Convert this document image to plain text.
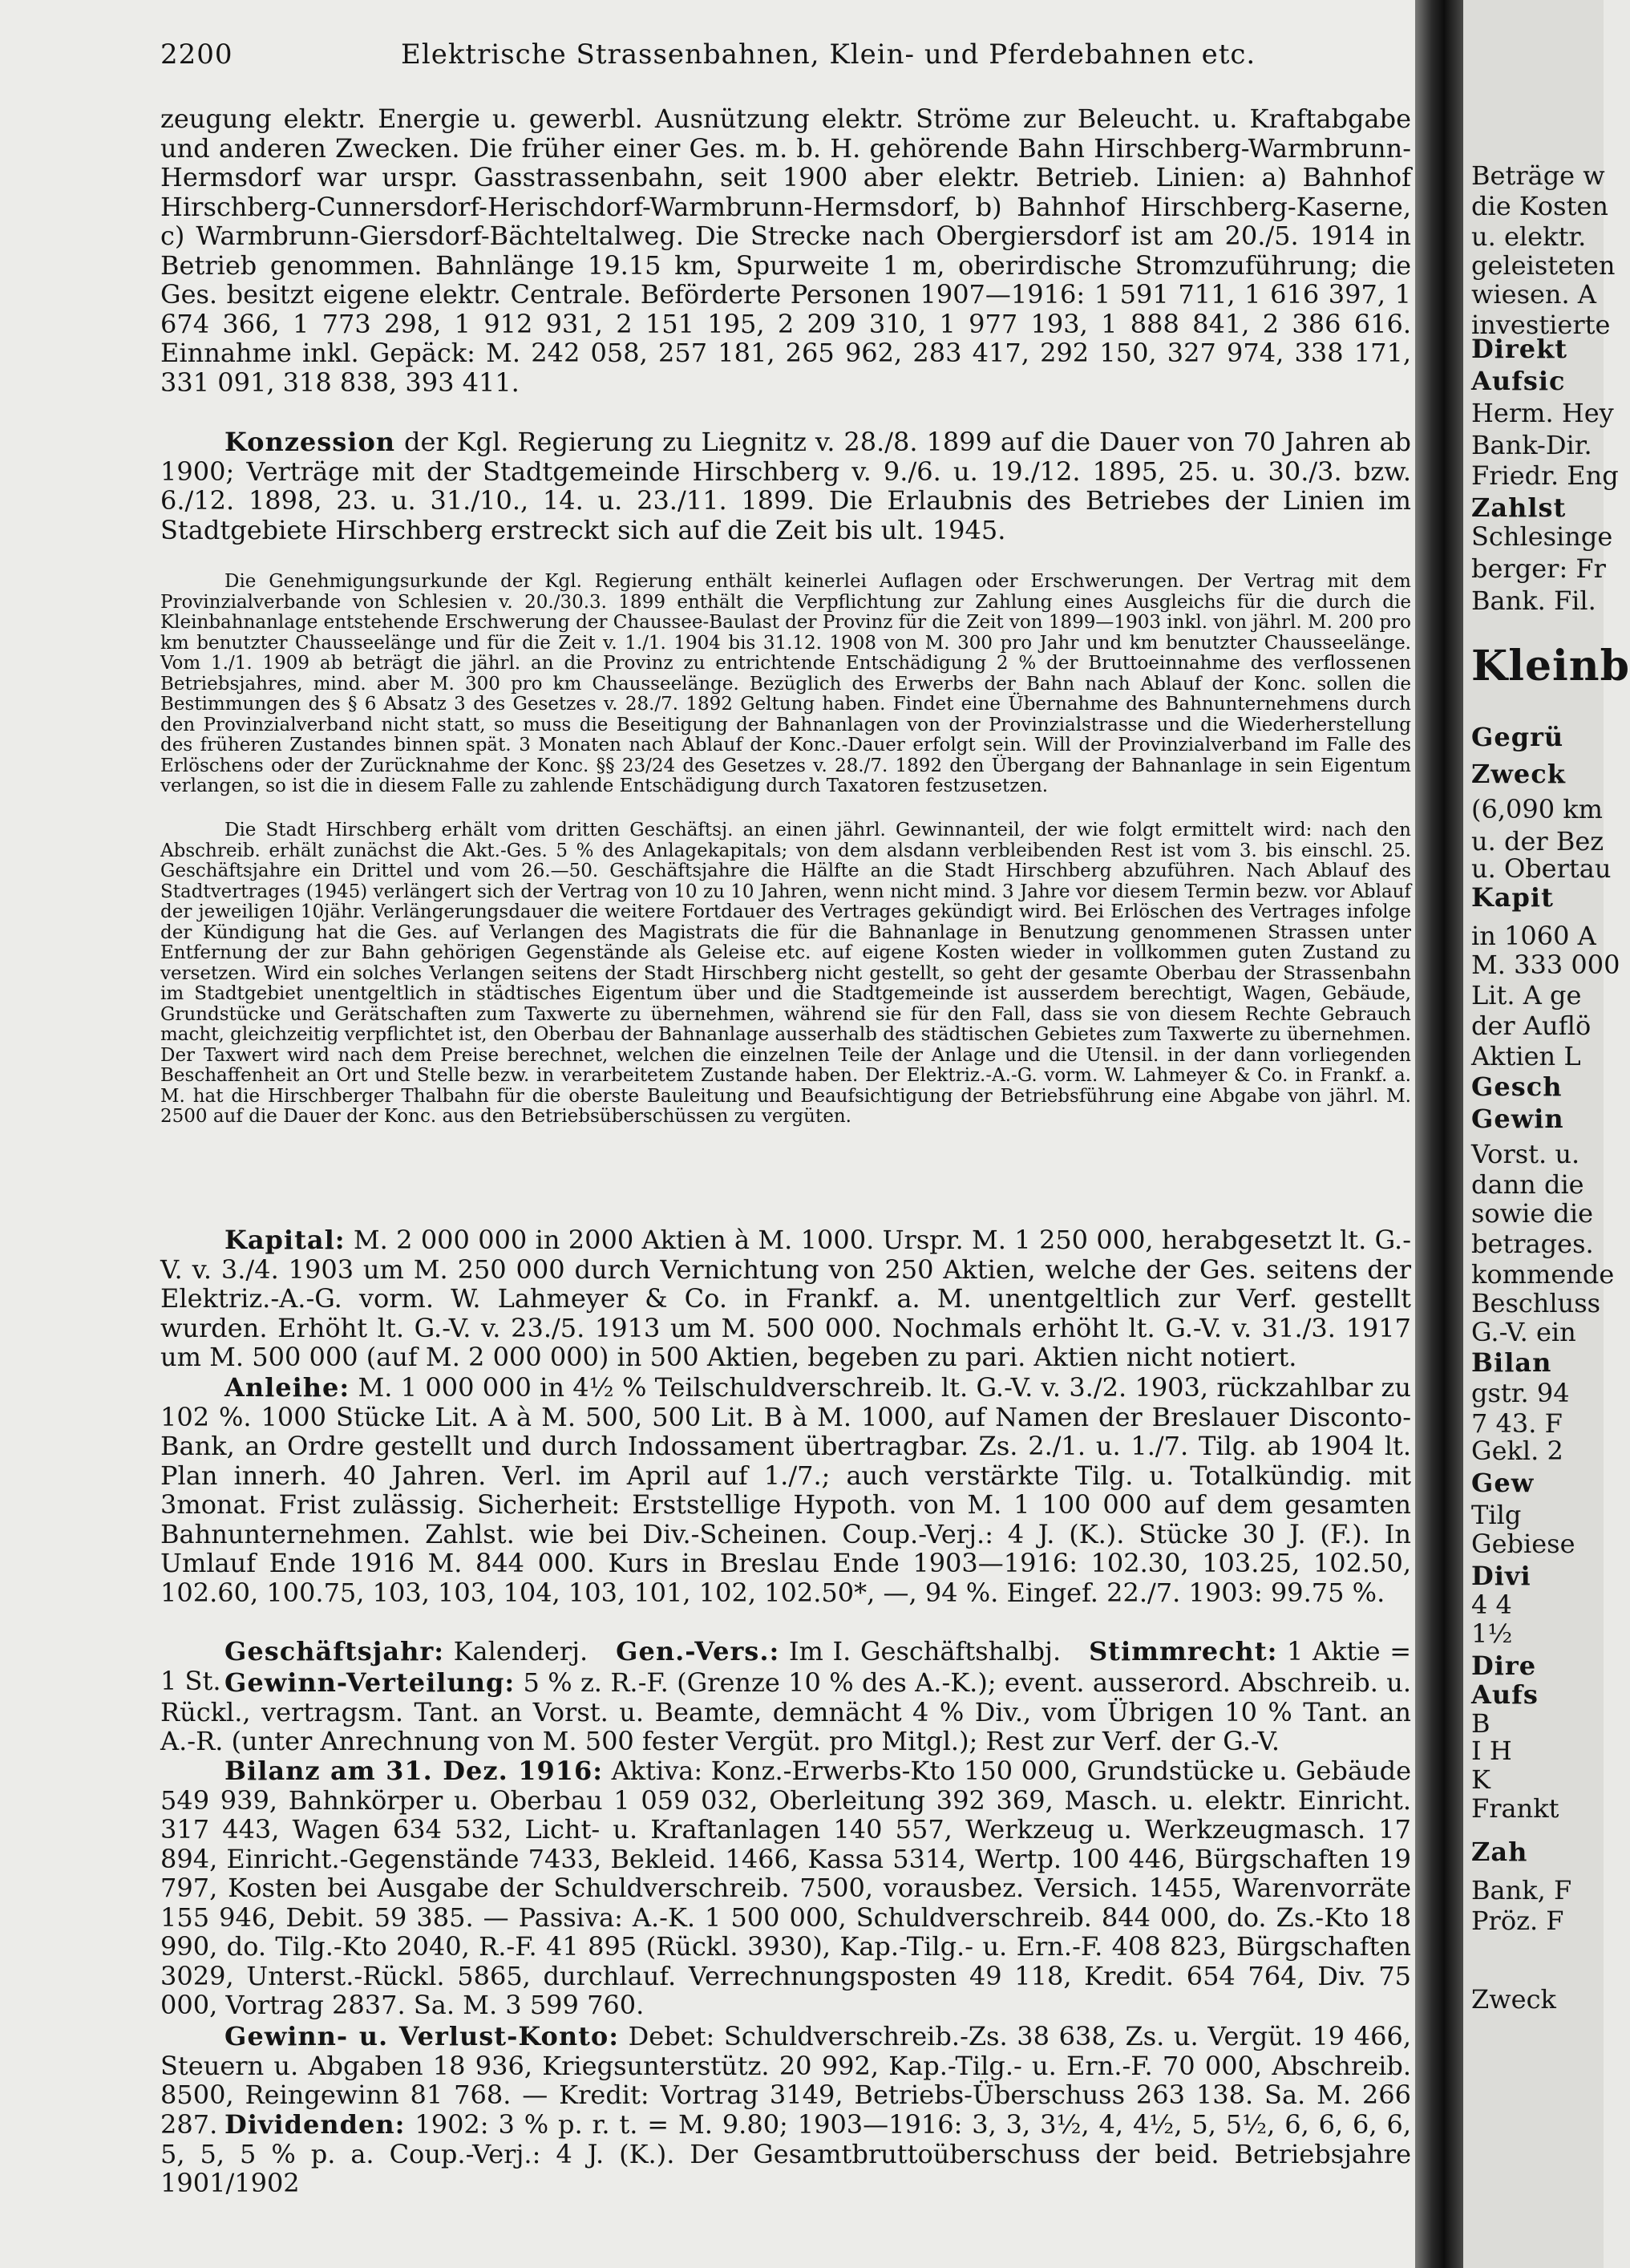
2200	Elektrische Strassenbahnen, Klein- und Pferdebahnen etc.

zeugung elektr. Energie u. gewerbl. Ausnützung elektr. Ströme zur Beleucht. u. Kraftabgabe und anderen Zwecken. Die früher einer Ges. m. b. H. gehörende Bahn Hirschberg-Warmbrunn-Hermsdorf war urspr. Gasstrassenbahn, seit 1900 aber elektr. Betrieb. Linien: a) Bahnhof Hirschberg-Cunnersdorf-Herischdorf-Warmbrunn-Hermsdorf, b) Bahnhof Hirschberg-Kaserne, c) Warmbrunn-Giersdorf-Bächteltalweg. Die Strecke nach Obergiersdorf ist am 20./5. 1914 in Betrieb genommen. Bahnlänge 19.15 km, Spurweite 1 m, oberirdische Stromzuführung; die Ges. besitzt eigene elektr. Centrale. Beförderte Personen 1907—1916: 1 591 711, 1 616 397, 1 674 366, 1 773 298, 1 912 931, 2 151 195, 2 209 310, 1 977 193, 1 888 841, 2 386 616. Einnahme inkl. Gepäck: M. 242 058, 257 181, 265 962, 283 417, 292 150, 327 974, 338 171, 331 091, 318 838, 393 411.

Konzession der Kgl. Regierung zu Liegnitz v. 28./8. 1899 auf die Dauer von 70 Jahren ab 1900; Verträge mit der Stadtgemeinde Hirschberg v. 9./6. u. 19./12. 1895, 25. u. 30./3. bzw. 6./12. 1898, 23. u. 31./10., 14. u. 23./11. 1899. Die Erlaubnis des Betriebes der Linien im Stadtgebiete Hirschberg erstreckt sich auf die Zeit bis ult. 1945.

Die Genehmigungsurkunde der Kgl. Regierung enthält keinerlei Auflagen oder Erschwerungen. Der Vertrag mit dem Provinzialverbande von Schlesien v. 20./30.3. 1899 enthält die Verpflichtung zur Zahlung eines Ausgleichs für die durch die Kleinbahnanlage entstehende Erschwerung der Chaussee-Baulast der Provinz für die Zeit von 1899—1903 inkl. von jährl. M. 200 pro km benutzter Chausseelänge und für die Zeit v. 1./1. 1904 bis 31.12. 1908 von M. 300 pro Jahr und km benutzter Chausseelänge. Vom 1./1. 1909 ab beträgt die jährl. an die Provinz zu entrichtende Entschädigung 2 % der Bruttoeinnahme des verflossenen Betriebsjahres, mind. aber M. 300 pro km Chausseelänge. Bezüglich des Erwerbs der Bahn nach Ablauf der Konc. sollen die Bestimmungen des § 6 Absatz 3 des Gesetzes v. 28./7. 1892 Geltung haben. Findet eine Übernahme des Bahnunternehmens durch den Provinzialverband nicht statt, so muss die Beseitigung der Bahnanlagen von der Provinzialstrasse und die Wiederherstellung des früheren Zustandes binnen spät. 3 Monaten nach Ablauf der Konc.-Dauer erfolgt sein. Will der Provinzialverband im Falle des Erlöschens oder der Zurücknahme der Konc. §§ 23/24 des Gesetzes v. 28./7. 1892 den Übergang der Bahnanlage in sein Eigentum verlangen, so ist die in diesem Falle zu zahlende Entschädigung durch Taxatoren festzusetzen.

Die Stadt Hirschberg erhält vom dritten Geschäftsj. an einen jährl. Gewinnanteil, der wie folgt ermittelt wird: nach den Abschreib. erhält zunächst die Akt.-Ges. 5 % des Anlagekapitals; von dem alsdann verbleibenden Rest ist vom 3. bis einschl. 25. Geschäftsjahre ein Drittel und vom 26.—50. Geschäftsjahre die Hälfte an die Stadt Hirschberg abzuführen. Nach Ablauf des Stadtvertrages (1945) verlängert sich der Vertrag von 10 zu 10 Jahren, wenn nicht mind. 3 Jahre vor diesem Termin bezw. vor Ablauf der jeweiligen 10jähr. Verlängerungsdauer die weitere Fortdauer des Vertrages gekündigt wird. Bei Erlöschen des Vertrages infolge der Kündigung hat die Ges. auf Verlangen des Magistrats die für die Bahnanlage in Benutzung genommenen Strassen unter Entfernung der zur Bahn gehörigen Gegenstände als Geleise etc. auf eigene Kosten wieder in vollkommen guten Zustand zu versetzen. Wird ein solches Verlangen seitens der Stadt Hirschberg nicht gestellt, so geht der gesamte Oberbau der Strassenbahn im Stadtgebiet unentgeltlich in städtisches Eigentum über und die Stadtgemeinde ist ausserdem berechtigt, Wagen, Gebäude, Grundstücke und Gerätschaften zum Taxwerte zu übernehmen, während sie für den Fall, dass sie von diesem Rechte Gebrauch macht, gleichzeitig verpflichtet ist, den Oberbau der Bahnanlage ausserhalb des städtischen Gebietes zum Taxwerte zu übernehmen. Der Taxwert wird nach dem Preise berechnet, welchen die einzelnen Teile der Anlage und die Utensil. in der dann vorliegenden Beschaffenheit an Ort und Stelle bezw. in verarbeitetem Zustande haben. Der Elektriz.-A.-G. vorm. W. Lahmeyer & Co. in Frankf. a. M. hat die Hirschberger Thalbahn für die oberste Bauleitung und Beaufsichtigung der Betriebsführung eine Abgabe von jährl. M. 2500 auf die Dauer der Konc. aus den Betriebsüberschüssen zu vergüten.

Kapital: M. 2 000 000 in 2000 Aktien à M. 1000. Urspr. M. 1 250 000, herabgesetzt lt. G.-V. v. 3./4. 1903 um M. 250 000 durch Vernichtung von 250 Aktien, welche der Ges. seitens der Elektriz.-A.-G. vorm. W. Lahmeyer & Co. in Frankf. a. M. unentgeltlich zur Verf. gestellt wurden. Erhöht lt. G.-V. v. 23./5. 1913 um M. 500 000. Nochmals erhöht lt. G.-V. v. 31./3. 1917 um M. 500 000 (auf M. 2 000 000) in 500 Aktien, begeben zu pari. Aktien nicht notiert.

Anleihe: M. 1 000 000 in 4½ % Teilschuldverschreib. lt. G.-V. v. 3./2. 1903, rückzahlbar zu 102 %. 1000 Stücke Lit. A à M. 500, 500 Lit. B à M. 1000, auf Namen der Breslauer Disconto-Bank, an Ordre gestellt und durch Indossament übertragbar. Zs. 2./1. u. 1./7. Tilg. ab 1904 lt. Plan innerh. 40 Jahren. Verl. im April auf 1./7.; auch verstärkte Tilg. u. Totalkündig. mit 3monat. Frist zulässig. Sicherheit: Erststellige Hypoth. von M. 1 100 000 auf dem gesamten Bahnunternehmen. Zahlst. wie bei Div.-Scheinen. Coup.-Verj.: 4 J. (K.). Stücke 30 J. (F.). In Umlauf Ende 1916 M. 844 000. Kurs in Breslau Ende 1903—1916: 102.30, 103.25, 102.50, 102.60, 100.75, 103, 103, 104, 103, 101, 102, 102.50*, —, 94 %. Eingef. 22./7. 1903: 99.75 %.

Geschäftsjahr: Kalenderj. Gen.-Vers.: Im I. Geschäftshalbj. Stimmrecht: 1 Aktie = 1 St. Gewinn-Verteilung: 5 % z. R.-F. (Grenze 10 % des A.-K.); event. ausserord. Abschreib. u. Rückl., vertragsm. Tant. an Vorst. u. Beamte, demnächt 4 % Div., vom Übrigen 10 % Tant. an A.-R. (unter Anrechnung von M. 500 fester Vergüt. pro Mitgl.); Rest zur Verf. der G.-V.

Bilanz am 31. Dez. 1916: Aktiva: Konz.-Erwerbs-Kto 150 000, Grundstücke u. Gebäude 549 939, Bahnkörper u. Oberbau 1 059 032, Oberleitung 392 369, Masch. u. elektr. Einricht. 317 443, Wagen 634 532, Licht- u. Kraftanlagen 140 557, Werkzeug u. Werkzeugmasch. 17 894, Einricht.-Gegenstände 7433, Bekleid. 1466, Kassa 5314, Wertp. 100 446, Bürgschaften 19 797, Kosten bei Ausgabe der Schuldverschreib. 7500, vorausbez. Versich. 1455, Warenvorräte 155 946, Debit. 59 385. — Passiva: A.-K. 1 500 000, Schuldverschreib. 844 000, do. Zs.-Kto 18 990, do. Tilg.-Kto 2040, R.-F. 41 895 (Rückl. 3930), Kap.-Tilg.- u. Ern.-F. 408 823, Bürgschaften 3029, Unterst.-Rückl. 5865, durchlauf. Verrechnungsposten 49 118, Kredit. 654 764, Div. 75 000, Vortrag 2837. Sa. M. 3 599 760.

Gewinn- u. Verlust-Konto: Debet: Schuldverschreib.-Zs. 38 638, Zs. u. Vergüt. 19 466, Steuern u. Abgaben 18 936, Kriegsunterstütz. 20 992, Kap.-Tilg.- u. Ern.-F. 70 000, Abschreib. 8500, Reingewinn 81 768. — Kredit: Vortrag 3149, Betriebs-Überschuss 263 138. Sa. M. 266 287. Dividenden: 1902: 3 % p. r. t. = M. 9.80; 1903—1916: 3, 3, 3½, 4, 4½, 5, 5½, 6, 6, 6, 6, 5, 5, 5 % p. a. Coup.-Verj.: 4 J. (K.). Der Gesamtbruttoüberschuss der beid. Betriebsjahre 1901/1902

Beträge w
die Kosten
u. elektr.
geleisteten
wiesen. A
investierte
Direkt
Aufsic
Herm. Hey
Bank-Dir.
Friedr. Eng
Zahlst
Schlesinge
berger: Fr
Bank. Fil.
Kleinb
Gegrü
Zweck
(6,090 km
u. der Bez
u. Obertau
Kapit
in 1060 A
M. 333 000
Lit. A ge
der Auflö
Aktien L
Gesch
Gewin
Vorst. u.
dann die
sowie die
betrages.
kommende
Beschluss
G.-V. ein
Bilan
gstr. 94
7 43. F
Gekl. 2
Gew
Tilg
Gebiese
Divi
4 4
1½
Dire
Aufs
B
I H
K
Frankt
Zah
Bank, F
Pröz. F
Zweck
